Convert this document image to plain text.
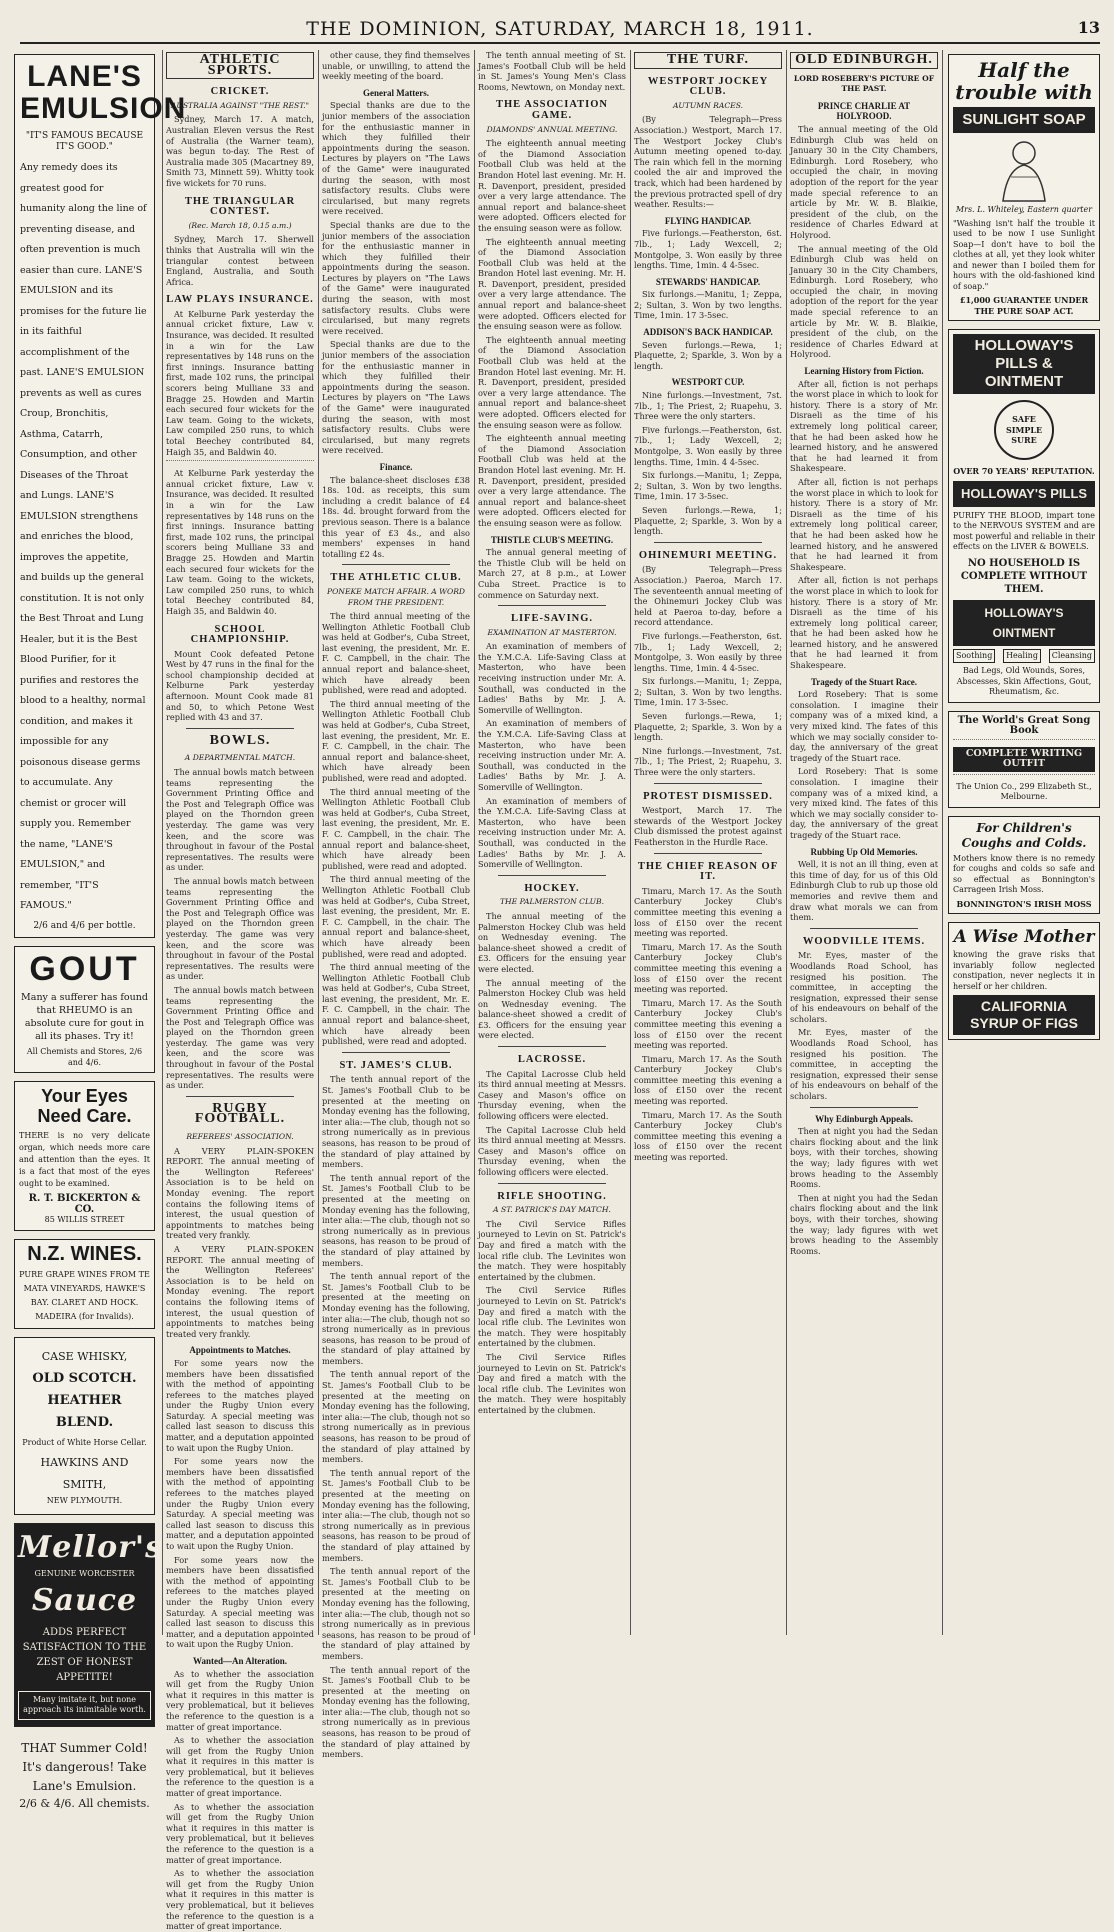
THE DOMINION, SATURDAY, MARCH 18, 1911.	13
LANE'S EMULSION
"IT'S FAMOUS BECAUSE IT'S GOOD."
Any remedy does its greatest good for humanity along the line of preventing disease, and often prevention is much easier than cure. LANE'S EMULSION and its promises for the future lie in its faithful accomplishment of the past. LANE'S EMULSION prevents as well as cures Croup, Bronchitis, Asthma, Catarrh, Consumption, and other Diseases of the Throat and Lungs. LANE'S EMULSION strengthens and enriches the blood, improves the appetite, and builds up the general constitution. It is not only the Best Throat and Lung Healer, but it is the Best Blood Purifier, for it purifies and restores the blood to a healthy, normal condition, and makes it impossible for any poisonous disease germs to accumulate. Any chemist or grocer will supply you. Remember the name, "LANE'S EMULSION," and remember, "IT'S FAMOUS."
2/6 and 4/6 per bottle.
GOUT
Many a sufferer has found that RHEUMO is an absolute cure for gout in all its phases. Try it!
All Chemists and Stores, 2/6 and 4/6.
Your Eyes Need Care.
THERE is no very delicate organ, which needs more care and attention than the eyes. It is a fact that most of the eyes ought to be examined.
R. T. BICKERTON & CO.
85 WILLIS STREET
N.Z. WINES.
PURE GRAPE WINES FROM TE MATA VINEYARDS, HAWKE'S BAY. CLARET AND HOCK. MADEIRA (for Invalids).
CASE WHISKY,
OLD SCOTCH.
HEATHER BLEND.
Product of White Horse Cellar.
HAWKINS AND SMITH,
NEW PLYMOUTH.
Mellor's
GENUINE WORCESTER
Sauce
ADDS PERFECT SATISFACTION TO THE ZEST OF HONEST APPETITE!
Many imitate it, but none approach its inimitable worth.
THAT Summer Cold! It's dangerous! Take Lane's Emulsion.
2/6 & 4/6. All chemists.
ATHLETIC SPORTS.
CRICKET.
AUSTRALIA AGAINST "THE REST."

Sydney, March 17. A match, Australian Eleven versus the Rest of Australia (the Warner team), was begun to-day. The Rest of Australia made 305 (Macartney 89, Smith 73, Minnett 59). Whitty took five wickets for 70 runs.

THE TRIANGULAR CONTEST.
(Rec. March 18, 0.15 a.m.)

Sydney, March 17. Sherwell thinks that Australia will win the triangular contest between England, Australia, and South Africa.

LAW PLAYS INSURANCE.

At Kelburne Park yesterday the annual cricket fixture, Law v. Insurance, was decided. It resulted in a win for the Law representatives by 148 runs on the first innings. Insurance batting first, made 102 runs, the principal scorers being Mulliane 33 and Bragge 25. Howden and Martin each secured four wickets for the Law team. Going to the wickets, Law compiled 250 runs, to which total Beechey contributed 84, Haigh 35, and Baldwin 40.

At Kelburne Park yesterday the annual cricket fixture, Law v. Insurance, was decided. It resulted in a win for the Law representatives by 148 runs on the first innings. Insurance batting first, made 102 runs, the principal scorers being Mulliane 33 and Bragge 25. Howden and Martin each secured four wickets for the Law team. Going to the wickets, Law compiled 250 runs, to which total Beechey contributed 84, Haigh 35, and Baldwin 40.

SCHOOL CHAMPIONSHIP.

Mount Cook defeated Petone West by 47 runs in the final for the school championship decided at Kelburne Park yesterday afternoon. Mount Cook made 81 and 50, to which Petone West replied with 43 and 37.

BOWLS.
A DEPARTMENTAL MATCH.

The annual bowls match between teams representing the Government Printing Office and the Post and Telegraph Office was played on the Thorndon green yesterday. The game was very keen, and the score was throughout in favour of the Postal representatives. The results were as under.

The annual bowls match between teams representing the Government Printing Office and the Post and Telegraph Office was played on the Thorndon green yesterday. The game was very keen, and the score was throughout in favour of the Postal representatives. The results were as under.

The annual bowls match between teams representing the Government Printing Office and the Post and Telegraph Office was played on the Thorndon green yesterday. The game was very keen, and the score was throughout in favour of the Postal representatives. The results were as under.

RUGBY FOOTBALL.
REFEREES' ASSOCIATION.

A VERY PLAIN-SPOKEN REPORT. The annual meeting of the Wellington Referees' Association is to be held on Monday evening. The report contains the following items of interest, the usual question of appointments to matches being treated very frankly.

A VERY PLAIN-SPOKEN REPORT. The annual meeting of the Wellington Referees' Association is to be held on Monday evening. The report contains the following items of interest, the usual question of appointments to matches being treated very frankly.

Appointments to Matches.

For some years now the members have been dissatisfied with the method of appointing referees to the matches played under the Rugby Union every Saturday. A special meeting was called last season to discuss this matter, and a deputation appointed to wait upon the Rugby Union.

For some years now the members have been dissatisfied with the method of appointing referees to the matches played under the Rugby Union every Saturday. A special meeting was called last season to discuss this matter, and a deputation appointed to wait upon the Rugby Union.

For some years now the members have been dissatisfied with the method of appointing referees to the matches played under the Rugby Union every Saturday. A special meeting was called last season to discuss this matter, and a deputation appointed to wait upon the Rugby Union.

Wanted—An Alteration.

As to whether the association will get from the Rugby Union what it requires in this matter is very problematical, but it believes the reference to the question is a matter of great importance.

As to whether the association will get from the Rugby Union what it requires in this matter is very problematical, but it believes the reference to the question is a matter of great importance.

As to whether the association will get from the Rugby Union what it requires in this matter is very problematical, but it believes the reference to the question is a matter of great importance.

As to whether the association will get from the Rugby Union what it requires in this matter is very problematical, but it believes the reference to the question is a matter of great importance.

other cause, they find themselves unable, or unwilling, to attend the weekly meeting of the board.

General Matters.

Special thanks are due to the junior members of the association for the enthusiastic manner in which they fulfilled their appointments during the season. Lectures by players on "The Laws of the Game" were inaugurated during the season, with most satisfactory results. Clubs were circularised, but many regrets were received.

Special thanks are due to the junior members of the association for the enthusiastic manner in which they fulfilled their appointments during the season. Lectures by players on "The Laws of the Game" were inaugurated during the season, with most satisfactory results. Clubs were circularised, but many regrets were received.

Special thanks are due to the junior members of the association for the enthusiastic manner in which they fulfilled their appointments during the season. Lectures by players on "The Laws of the Game" were inaugurated during the season, with most satisfactory results. Clubs were circularised, but many regrets were received.

Finance.

The balance-sheet discloses £38 18s. 10d. as receipts, this sum including a credit balance of £4 18s. 4d. brought forward from the previous season. There is a balance this year of £3 4s., and also members' expenses in hand totalling £2 4s.

THE ATHLETIC CLUB.
PONEKE MATCH AFFAIR. A WORD FROM THE PRESIDENT.

The third annual meeting of the Wellington Athletic Football Club was held at Godber's, Cuba Street, last evening, the president, Mr. E. F. C. Campbell, in the chair. The annual report and balance-sheet, which have already been published, were read and adopted.

The third annual meeting of the Wellington Athletic Football Club was held at Godber's, Cuba Street, last evening, the president, Mr. E. F. C. Campbell, in the chair. The annual report and balance-sheet, which have already been published, were read and adopted.

The third annual meeting of the Wellington Athletic Football Club was held at Godber's, Cuba Street, last evening, the president, Mr. E. F. C. Campbell, in the chair. The annual report and balance-sheet, which have already been published, were read and adopted.

The third annual meeting of the Wellington Athletic Football Club was held at Godber's, Cuba Street, last evening, the president, Mr. E. F. C. Campbell, in the chair. The annual report and balance-sheet, which have already been published, were read and adopted.

The third annual meeting of the Wellington Athletic Football Club was held at Godber's, Cuba Street, last evening, the president, Mr. E. F. C. Campbell, in the chair. The annual report and balance-sheet, which have already been published, were read and adopted.

ST. JAMES'S CLUB.

The tenth annual report of the St. James's Football Club to be presented at the meeting on Monday evening has the following, inter alia:—The club, though not so strong numerically as in previous seasons, has reason to be proud of the standard of play attained by members.

The tenth annual report of the St. James's Football Club to be presented at the meeting on Monday evening has the following, inter alia:—The club, though not so strong numerically as in previous seasons, has reason to be proud of the standard of play attained by members.

The tenth annual report of the St. James's Football Club to be presented at the meeting on Monday evening has the following, inter alia:—The club, though not so strong numerically as in previous seasons, has reason to be proud of the standard of play attained by members.

The tenth annual report of the St. James's Football Club to be presented at the meeting on Monday evening has the following, inter alia:—The club, though not so strong numerically as in previous seasons, has reason to be proud of the standard of play attained by members.

The tenth annual report of the St. James's Football Club to be presented at the meeting on Monday evening has the following, inter alia:—The club, though not so strong numerically as in previous seasons, has reason to be proud of the standard of play attained by members.

The tenth annual report of the St. James's Football Club to be presented at the meeting on Monday evening has the following, inter alia:—The club, though not so strong numerically as in previous seasons, has reason to be proud of the standard of play attained by members.

The tenth annual report of the St. James's Football Club to be presented at the meeting on Monday evening has the following, inter alia:—The club, though not so strong numerically as in previous seasons, has reason to be proud of the standard of play attained by members.

The tenth annual meeting of St. James's Football Club will be held in St. James's Young Men's Class Rooms, Newtown, on Monday next.

THE ASSOCIATION GAME.
DIAMONDS' ANNUAL MEETING.

The eighteenth annual meeting of the Diamond Association Football Club was held at the Brandon Hotel last evening. Mr. H. R. Davenport, president, presided over a very large attendance. The annual report and balance-sheet were adopted. Officers elected for the ensuing season were as follow.

The eighteenth annual meeting of the Diamond Association Football Club was held at the Brandon Hotel last evening. Mr. H. R. Davenport, president, presided over a very large attendance. The annual report and balance-sheet were adopted. Officers elected for the ensuing season were as follow.

The eighteenth annual meeting of the Diamond Association Football Club was held at the Brandon Hotel last evening. Mr. H. R. Davenport, president, presided over a very large attendance. The annual report and balance-sheet were adopted. Officers elected for the ensuing season were as follow.

The eighteenth annual meeting of the Diamond Association Football Club was held at the Brandon Hotel last evening. Mr. H. R. Davenport, president, presided over a very large attendance. The annual report and balance-sheet were adopted. Officers elected for the ensuing season were as follow.

THISTLE CLUB'S MEETING.

The annual general meeting of the Thistle Club will be held on March 27, at 8 p.m., at Lower Cuba Street. Practice is to commence on Saturday next.

LIFE-SAVING.
EXAMINATION AT MASTERTON.

An examination of members of the Y.M.C.A. Life-Saving Class at Masterton, who have been receiving instruction under Mr. A. Southall, was conducted in the Ladies' Baths by Mr. J. A. Somerville of Wellington.

An examination of members of the Y.M.C.A. Life-Saving Class at Masterton, who have been receiving instruction under Mr. A. Southall, was conducted in the Ladies' Baths by Mr. J. A. Somerville of Wellington.

An examination of members of the Y.M.C.A. Life-Saving Class at Masterton, who have been receiving instruction under Mr. A. Southall, was conducted in the Ladies' Baths by Mr. J. A. Somerville of Wellington.

HOCKEY.
THE PALMERSTON CLUB.

The annual meeting of the Palmerston Hockey Club was held on Wednesday evening. The balance-sheet showed a credit of £3. Officers for the ensuing year were elected.

The annual meeting of the Palmerston Hockey Club was held on Wednesday evening. The balance-sheet showed a credit of £3. Officers for the ensuing year were elected.

LACROSSE.

The Capital Lacrosse Club held its third annual meeting at Messrs. Casey and Mason's office on Thursday evening, when the following officers were elected.

The Capital Lacrosse Club held its third annual meeting at Messrs. Casey and Mason's office on Thursday evening, when the following officers were elected.

RIFLE SHOOTING.
A ST. PATRICK'S DAY MATCH.

The Civil Service Rifles journeyed to Levin on St. Patrick's Day and fired a match with the local rifle club. The Levinites won the match. They were hospitably entertained by the clubmen.

The Civil Service Rifles journeyed to Levin on St. Patrick's Day and fired a match with the local rifle club. The Levinites won the match. They were hospitably entertained by the clubmen.

The Civil Service Rifles journeyed to Levin on St. Patrick's Day and fired a match with the local rifle club. The Levinites won the match. They were hospitably entertained by the clubmen.

THE TURF.
WESTPORT JOCKEY CLUB.
AUTUMN RACES.

(By Telegraph—Press Association.) Westport, March 17. The Westport Jockey Club's Autumn meeting opened to-day. The rain which fell in the morning cooled the air and improved the track, which had been hardened by the previous protracted spell of dry weather. Results:—

FLYING HANDICAP.

Five furlongs.—Featherston, 6st. 7lb., 1; Lady Wexcell, 2; Montgolpe, 3. Won easily by three lengths. Time, 1min. 4 4-5sec.

STEWARDS' HANDICAP.

Six furlongs.—Manitu, 1; Zeppa, 2; Sultan, 3. Won by two lengths. Time, 1min. 17 3-5sec.

ADDISON'S BACK HANDICAP.

Seven furlongs.—Rewa, 1; Plaquette, 2; Sparkle, 3. Won by a length.

WESTPORT CUP.

Nine furlongs.—Investment, 7st. 7lb., 1; The Priest, 2; Ruapehu, 3. Three were the only starters.

Five furlongs.—Featherston, 6st. 7lb., 1; Lady Wexcell, 2; Montgolpe, 3. Won easily by three lengths. Time, 1min. 4 4-5sec.

Six furlongs.—Manitu, 1; Zeppa, 2; Sultan, 3. Won by two lengths. Time, 1min. 17 3-5sec.

Seven furlongs.—Rewa, 1; Plaquette, 2; Sparkle, 3. Won by a length.

OHINEMURI MEETING.

(By Telegraph—Press Association.) Paeroa, March 17. The seventeenth annual meeting of the Ohinemuri Jockey Club was held at Paeroa to-day, before a record attendance.

Five furlongs.—Featherston, 6st. 7lb., 1; Lady Wexcell, 2; Montgolpe, 3. Won easily by three lengths. Time, 1min. 4 4-5sec.

Six furlongs.—Manitu, 1; Zeppa, 2; Sultan, 3. Won by two lengths. Time, 1min. 17 3-5sec.

Seven furlongs.—Rewa, 1; Plaquette, 2; Sparkle, 3. Won by a length.

Nine furlongs.—Investment, 7st. 7lb., 1; The Priest, 2; Ruapehu, 3. Three were the only starters.

PROTEST DISMISSED.

Westport, March 17. The stewards of the Westport Jockey Club dismissed the protest against Featherston in the Hurdle Race.

THE CHIEF REASON OF IT.

Timaru, March 17. As the South Canterbury Jockey Club's committee meeting this evening a loss of £150 over the recent meeting was reported.

Timaru, March 17. As the South Canterbury Jockey Club's committee meeting this evening a loss of £150 over the recent meeting was reported.

Timaru, March 17. As the South Canterbury Jockey Club's committee meeting this evening a loss of £150 over the recent meeting was reported.

Timaru, March 17. As the South Canterbury Jockey Club's committee meeting this evening a loss of £150 over the recent meeting was reported.

Timaru, March 17. As the South Canterbury Jockey Club's committee meeting this evening a loss of £150 over the recent meeting was reported.

Half the trouble with
SUNLIGHT SOAP
Mrs. L. Whiteley, Eastern quarter
"Washing isn't half the trouble it used to be now I use Sunlight Soap—I don't have to boil the clothes at all, yet they look whiter and newer than I boiled them for hours with the old-fashioned kind of soap."
£1,000 GUARANTEE UNDER THE PURE SOAP ACT.
HOLLOWAY'S PILLS & OINTMENT
SAFE SIMPLE SURE
OVER 70 YEARS' REPUTATION.
HOLLOWAY'S PILLS
PURIFY THE BLOOD, impart tone to the NERVOUS SYSTEM and are most powerful and reliable in their effects on the LIVER & BOWELS.
NO HOUSEHOLD IS COMPLETE WITHOUT THEM.
HOLLOWAY'S OINTMENT
Soothing	Healing	Cleansing
Bad Legs, Old Wounds, Sores, Abscesses, Skin Affections, Gout, Rheumatism, &c.
The World's Great Song Book
COMPLETE WRITING OUTFIT
The Union Co., 299 Elizabeth St., Melbourne.
For Children's Coughs and Colds.
Mothers know there is no remedy for coughs and colds so safe and so effectual as Bonnington's Carrageen Irish Moss.
BONNINGTON'S IRISH MOSS
A Wise Mother
knowing the grave risks that invariably follow neglected constipation, never neglects it in herself or her children.
CALIFORNIA SYRUP OF FIGS
OLD EDINBURGH.
LORD ROSEBERY'S PICTURE OF THE PAST.
PRINCE CHARLIE AT HOLYROOD.

The annual meeting of the Old Edinburgh Club was held on January 30 in the City Chambers, Edinburgh. Lord Rosebery, who occupied the chair, in moving adoption of the report for the year made special reference to an article by Mr. W. B. Blaikie, president of the club, on the residence of Charles Edward at Holyrood.

The annual meeting of the Old Edinburgh Club was held on January 30 in the City Chambers, Edinburgh. Lord Rosebery, who occupied the chair, in moving adoption of the report for the year made special reference to an article by Mr. W. B. Blaikie, president of the club, on the residence of Charles Edward at Holyrood.

Learning History from Fiction.

After all, fiction is not perhaps the worst place in which to look for history. There is a story of Mr. Disraeli as the time of his extremely long political career, that he had been asked how he learned history, and he answered that he had learned it from Shakespeare.

After all, fiction is not perhaps the worst place in which to look for history. There is a story of Mr. Disraeli as the time of his extremely long political career, that he had been asked how he learned history, and he answered that he had learned it from Shakespeare.

After all, fiction is not perhaps the worst place in which to look for history. There is a story of Mr. Disraeli as the time of his extremely long political career, that he had been asked how he learned history, and he answered that he had learned it from Shakespeare.

Tragedy of the Stuart Race.

Lord Rosebery: That is some consolation. I imagine their company was of a mixed kind, a very mixed kind. The fates of this which we may socially consider to-day, the anniversary of the great tragedy of the Stuart race.

Lord Rosebery: That is some consolation. I imagine their company was of a mixed kind, a very mixed kind. The fates of this which we may socially consider to-day, the anniversary of the great tragedy of the Stuart race.

Rubbing Up Old Memories.

Well, it is not an ill thing, even at this time of day, for us of this Old Edinburgh Club to rub up those old memories and revive them and draw what morals we can from them.

WOODVILLE ITEMS.

Mr. Eyes, master of the Woodlands Road School, has resigned his position. The committee, in accepting the resignation, expressed their sense of his endeavours on behalf of the scholars.

Mr. Eyes, master of the Woodlands Road School, has resigned his position. The committee, in accepting the resignation, expressed their sense of his endeavours on behalf of the scholars.

Why Edinburgh Appeals.

Then at night you had the Sedan chairs flocking about and the link boys, with their torches, showing the way; lady figures with wet brows heading to the Assembly Rooms.

Then at night you had the Sedan chairs flocking about and the link boys, with their torches, showing the way; lady figures with wet brows heading to the Assembly Rooms.
